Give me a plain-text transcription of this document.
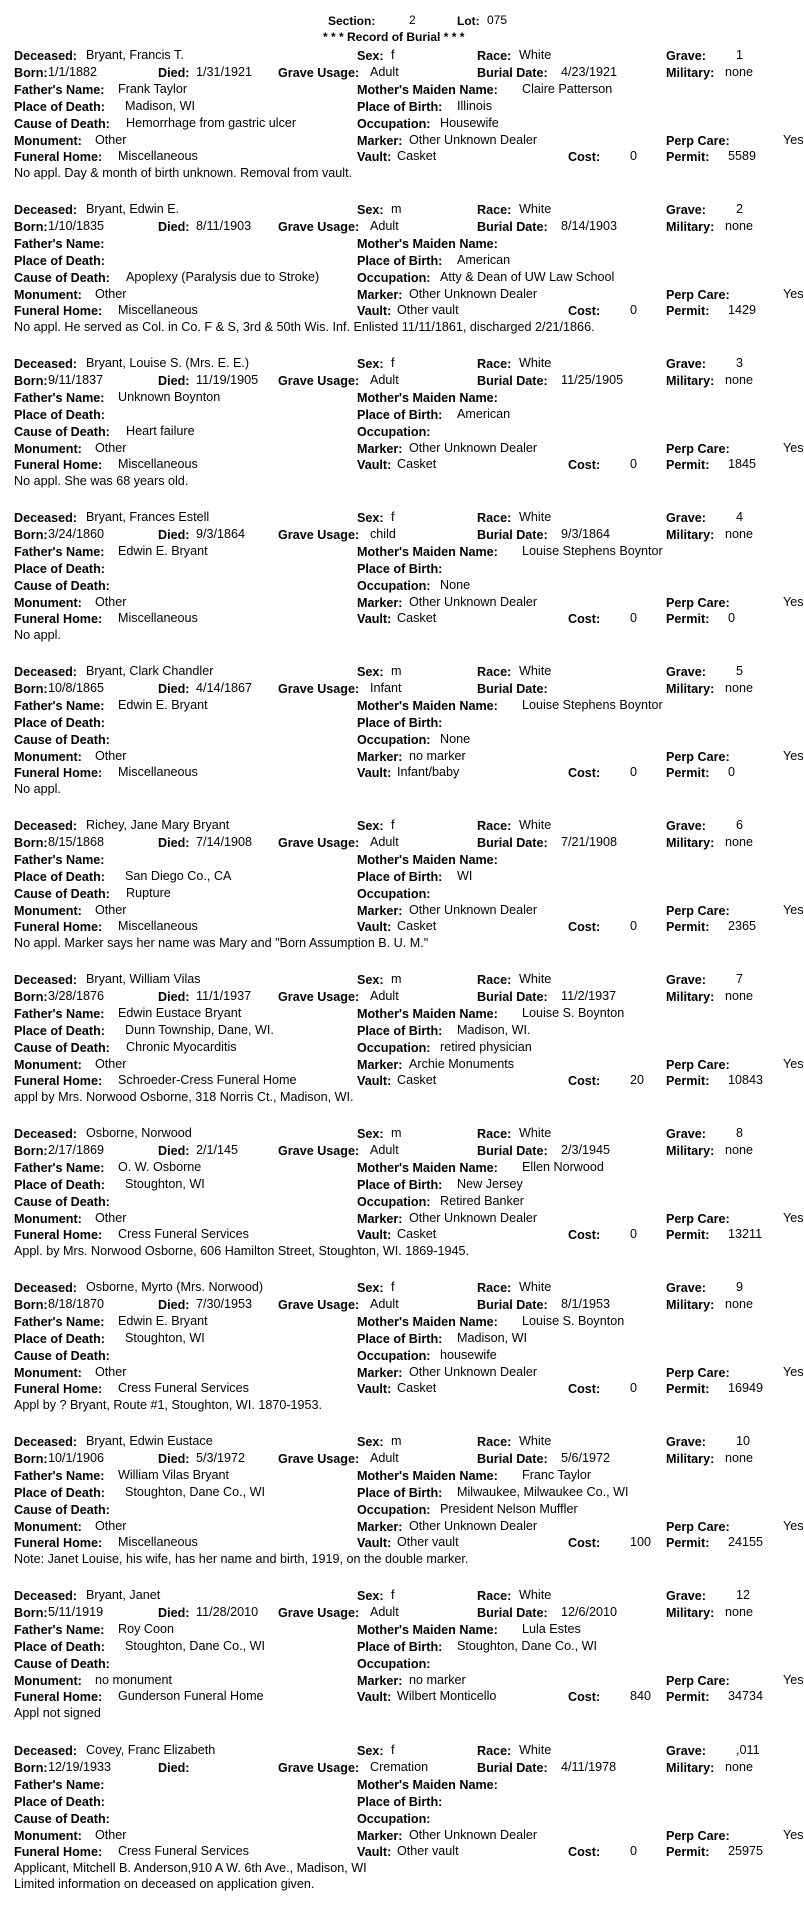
Section:	2	Lot: 075
* * * Record of Burial * * *
Deceased: Bryant, Francis T.	Sex: f	Race: White	Grave: 1
Born: 1/1/1882	Died: 1/31/1921 Grave Usage: Adult	Burial Date: 4/23/1921	Military: none
Father's Name: Frank Taylor	Mother's Maiden Name: Claire Patterson
Place of Death: Madison, WI	Place of Birth: Illinois
Cause of Death: Hemorrhage from gastric ulcer	Occupation: Housewife
Monument: Other	Marker: Other Unknown Dealer	Perp Care:	Yes
Funeral Home: Miscellaneous	Vault: Casket	Cost: 0 Permit: 5589
No appl. Day & month of birth unknown. Removal from vault.
Deceased: Bryant, Edwin E.	Sex: m	Race: White	Grave: 2
Born: 1/10/1835	Died: 8/11/1903 Grave Usage: Adult	Burial Date: 8/14/1903	Military: none
Father's Name:	Mother's Maiden Name:
Place of Death:	Place of Birth: American
Cause of Death: Apoplexy (Paralysis due to Stroke)	Occupation: Atty & Dean of UW Law School
Monument: Other	Marker: Other Unknown Dealer	Perp Care:	Yes
Funeral Home: Miscellaneous	Vault: Other vault	Cost: 0 Permit: 1429
No appl. He served as Col. in Co. F & S, 3rd & 50th Wis. Inf. Enlisted 11/11/1861, discharged 2/21/1866.
Deceased: Bryant, Louise S. (Mrs. E. E.)	Sex: f	Race: White	Grave: 3
Born: 9/11/1837	Died: 11/19/1905 Grave Usage: Adult	Burial Date: 11/25/1905	Military: none
Father's Name: Unknown Boynton	Mother's Maiden Name:
Place of Death:	Place of Birth: American
Cause of Death: Heart failure	Occupation:
Monument: Other	Marker: Other Unknown Dealer	Perp Care:	Yes
Funeral Home: Miscellaneous	Vault: Casket	Cost: 0 Permit: 1845
No appl. She was 68 years old.
Deceased: Bryant, Frances Estell	Sex: f	Race: White	Grave: 4
Born: 3/24/1860	Died: 9/3/1864	Grave Usage: child	Burial Date: 9/3/1864	Military: none
Father's Name: Edwin E. Bryant	Mother's Maiden Name: Louise Stephens Boyntor
Place of Death:	Place of Birth:
Cause of Death:	Occupation: None
Monument: Other	Marker: Other Unknown Dealer	Perp Care:	Yes
Funeral Home: Miscellaneous	Vault: Casket	Cost: 0 Permit: 0
No appl.
Deceased: Bryant, Clark Chandler	Sex: m	Race: White	Grave: 5
Born: 10/8/1865	Died: 4/14/1867 Grave Usage: Infant	Burial Date:	Military: none
Father's Name: Edwin E. Bryant	Mother's Maiden Name: Louise Stephens Boyntor
Place of Death:	Place of Birth:
Cause of Death:	Occupation: None
Monument: Other	Marker: no marker	Perp Care:	Yes
Funeral Home: Miscellaneous	Vault: Infant/baby	Cost: 0 Permit: 0
No appl.
Deceased: Richey, Jane Mary Bryant	Sex: f	Race: White	Grave: 6
Born: 8/15/1868	Died: 7/14/1908 Grave Usage: Adult	Burial Date: 7/21/1908	Military: none
Father's Name:	Mother's Maiden Name:
Place of Death: San Diego Co., CA	Place of Birth: WI
Cause of Death: Rupture	Occupation:
Monument: Other	Marker: Other Unknown Dealer	Perp Care:	Yes
Funeral Home: Miscellaneous	Vault: Casket	Cost: 0 Permit: 2365
No appl. Marker says her name was Mary and "Born Assumption B. U. M."
Deceased: Bryant, William Vilas	Sex: m	Race: White	Grave: 7
Born: 3/28/1876	Died: 11/1/1937 Grave Usage: Adult	Burial Date: 11/2/1937	Military: none
Father's Name: Edwin Eustace Bryant	Mother's Maiden Name: Louise S. Boynton
Place of Death: Dunn Township, Dane, WI.	Place of Birth: Madison, WI.
Cause of Death: Chronic Myocarditis	Occupation: retired physician
Monument: Other	Marker: Archie Monuments	Perp Care:	Yes
Funeral Home: Schroeder-Cress Funeral Home	Vault: Casket	Cost: 20 Permit: 10843
appl by Mrs. Norwood Osborne, 318 Norris Ct., Madison, WI.
Deceased: Osborne, Norwood	Sex: m	Race: White	Grave: 8
Born: 2/17/1869	Died: 2/1/145	Grave Usage: Adult	Burial Date: 2/3/1945	Military: none
Father's Name: O. W. Osborne	Mother's Maiden Name: Ellen Norwood
Place of Death: Stoughton, WI	Place of Birth: New Jersey
Cause of Death:	Occupation: Retired Banker
Monument: Other	Marker: Other Unknown Dealer	Perp Care:	Yes
Funeral Home: Cress Funeral Services	Vault: Casket	Cost: 0 Permit: 13211
Appl. by Mrs. Norwood Osborne, 606 Hamilton Street, Stoughton, WI. 1869-1945.
Deceased: Osborne, Myrto (Mrs. Norwood)	Sex: f	Race: White	Grave: 9
Born: 8/18/1870	Died: 7/30/1953 Grave Usage: Adult	Burial Date: 8/1/1953	Military: none
Father's Name: Edwin E. Bryant	Mother's Maiden Name: Louise S. Boynton
Place of Death: Stoughton, WI	Place of Birth: Madison, WI
Cause of Death:	Occupation: housewife
Monument: Other	Marker: Other Unknown Dealer	Perp Care:	Yes
Funeral Home: Cress Funeral Services	Vault: Casket	Cost: 0 Permit: 16949
Appl by ? Bryant, Route #1, Stoughton, WI. 1870-1953.
Deceased: Bryant, Edwin Eustace	Sex: m	Race: White	Grave: 10
Born: 10/1/1906	Died: 5/3/1972	Grave Usage: Adult	Burial Date: 5/6/1972	Military: none
Father's Name: William Vilas Bryant	Mother's Maiden Name: Franc Taylor
Place of Death: Stoughton, Dane Co., WI	Place of Birth: Milwaukee, Milwaukee Co., WI
Cause of Death:	Occupation: President Nelson Muffler
Monument: Other	Marker: Other Unknown Dealer	Perp Care:	Yes
Funeral Home: Miscellaneous	Vault: Other vault	Cost: 100 Permit: 24155
Note: Janet Louise, his wife, has her name and birth, 1919, on the double marker.
Deceased: Bryant, Janet	Sex: f	Race: White	Grave: 12
Born: 5/11/1919	Died: 11/28/2010 Grave Usage: Adult	Burial Date: 12/6/2010	Military: none
Father's Name: Roy Coon	Mother's Maiden Name: Lula Estes
Place of Death: Stoughton, Dane Co., WI	Place of Birth: Stoughton, Dane Co., WI
Cause of Death:	Occupation:
Monument: no monument	Marker: no marker	Perp Care:	Yes
Funeral Home: Gunderson Funeral Home	Vault: Wilbert Monticello	Cost: 840 Permit: 34734
Appl not signed
Deceased: Covey, Franc Elizabeth	Sex: f	Race: White	Grave: ,011
Born: 12/19/1933	Died:	Grave Usage: Cremation	Burial Date: 4/11/1978	Military: none
Father's Name:	Mother's Maiden Name:
Place of Death:	Place of Birth:
Cause of Death:	Occupation:
Monument: Other	Marker: Other Unknown Dealer	Perp Care:	Yes
Funeral Home: Cress Funeral Services	Vault: Other vault	Cost: 0 Permit: 25975
Applicant, Mitchell B. Anderson,910 A W. 6th Ave., Madison, WI
Limited information on deceased on application given.
